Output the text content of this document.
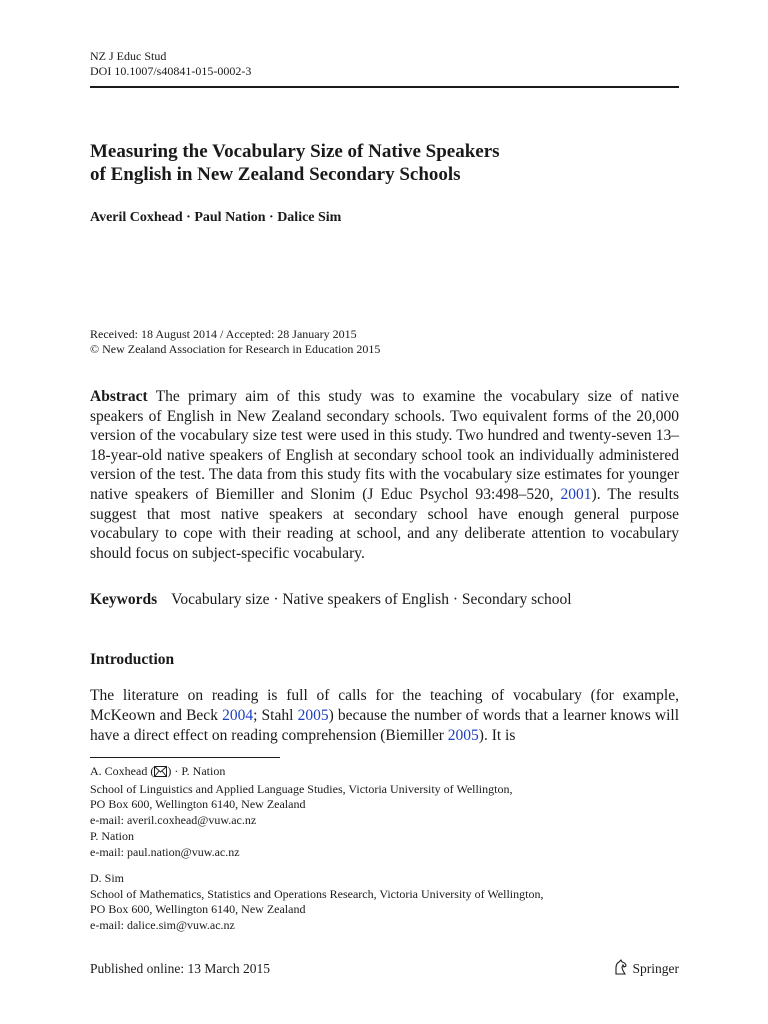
NZ J Educ Stud
DOI 10.1007/s40841-015-0002-3
Measuring the Vocabulary Size of Native Speakers
of English in New Zealand Secondary Schools
Averil Coxhead · Paul Nation · Dalice Sim
Received: 18 August 2014 / Accepted: 28 January 2015
© New Zealand Association for Research in Education 2015

Abstract The primary aim of this study was to examine the vocabulary size of native speakers of English in New Zealand secondary schools. Two equivalent forms of the 20,000 version of the vocabulary size test were used in this study. Two hundred and twenty-seven 13–18-year-old native speakers of English at secondary school took an individually administered version of the test. The data from this study fits with the vocabulary size estimates for younger native speakers of Biemiller and Slonim (J Educ Psychol 93:498–520, 2001). The results suggest that most native speakers at secondary school have enough general purpose vocabulary to cope with their reading at school, and any deliberate attention to vocabulary should focus on subject-specific vocabulary.

Keywords Vocabulary size · Native speakers of English · Secondary school
Introduction

The literature on reading is full of calls for the teaching of vocabulary (for example, McKeown and Beck 2004; Stahl 2005) because the number of words that a learner knows will have a direct effect on reading comprehension (Biemiller 2005). It is

A. Coxhead ( ) · P. Nation
School of Linguistics and Applied Language Studies, Victoria University of Wellington,
PO Box 600, Wellington 6140, New Zealand
e-mail: averil.coxhead@vuw.ac.nz
P. Nation
e-mail: paul.nation@vuw.ac.nz
D. Sim
School of Mathematics, Statistics and Operations Research, Victoria University of Wellington,
PO Box 600, Wellington 6140, New Zealand
e-mail: dalice.sim@vuw.ac.nz
Published online: 13 March 2015	Springer
